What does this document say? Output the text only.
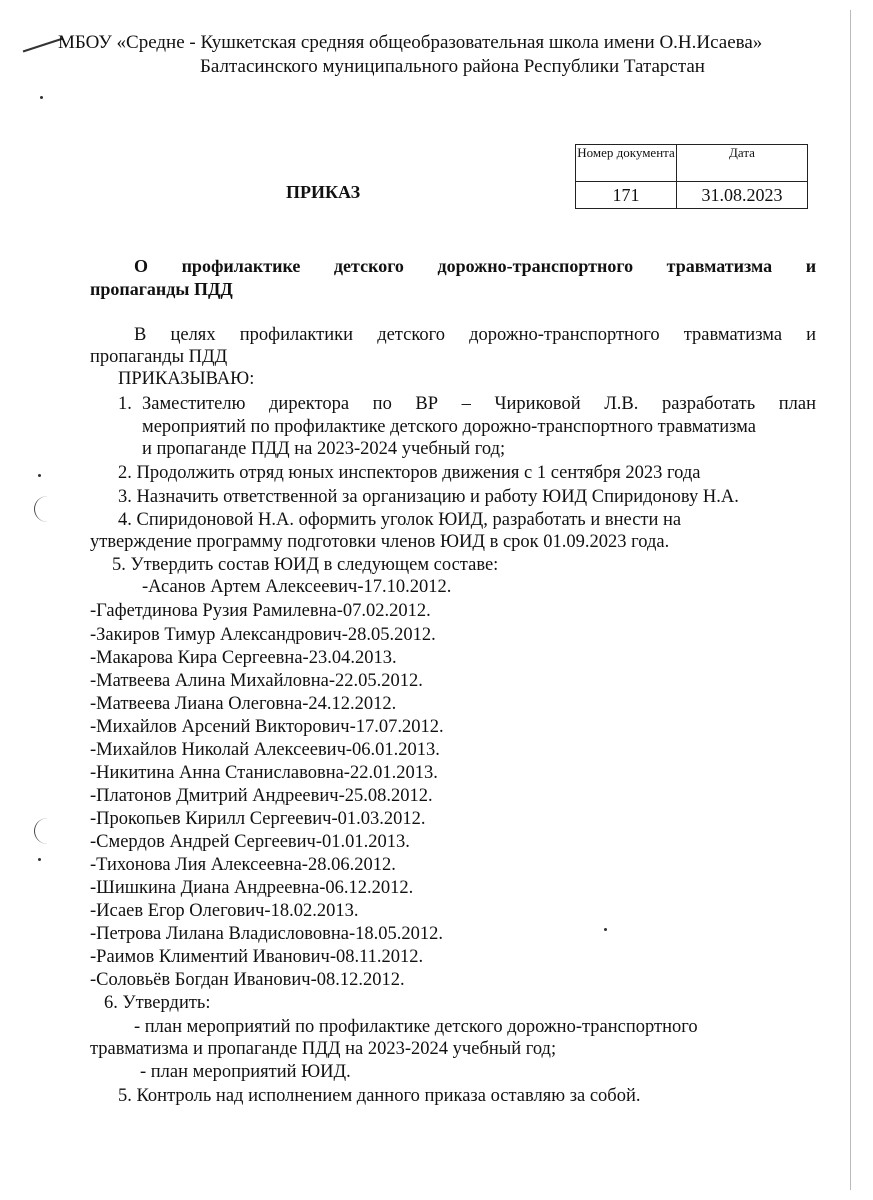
МБОУ «Средне - Кушкетская средняя общеобразовательная школа имени О.Н.Исаева»
Балтасинского муниципального района Республики Татарстан
Номер документа	Дата
171	31.08.2023
ПРИКАЗ
О профилактике детского дорожно-транспортного травматизма и
пропаганды ПДД
В целях профилактики детского дорожно-транспортного травматизма и
пропаганды ПДД
ПРИКАЗЫВАЮ:
1. Заместителю директора по ВР – Чириковой Л.В. разработать план
мероприятий по профилактике детского дорожно-транспортного травматизма
и пропаганде ПДД на 2023-2024 учебный год;
2. Продолжить отряд юных инспекторов движения с 1 сентября 2023 года
3. Назначить ответственной за организацию и работу ЮИД Спиридонову Н.А.
4. Спиридоновой Н.А. оформить уголок ЮИД, разработать и внести на
утверждение программу подготовки членов ЮИД в срок 01.09.2023 года.
5. Утвердить состав ЮИД в следующем составе:
-Асанов Артем Алексеевич-17.10.2012.
-Гафетдинова Рузия Рамилевна-07.02.2012.
-Закиров Тимур Александрович-28.05.2012.
-Макарова Кира Сергеевна-23.04.2013.
-Матвеева Алина Михайловна-22.05.2012.
-Матвеева Лиана Олеговна-24.12.2012.
-Михайлов Арсений Викторович-17.07.2012.
-Михайлов Николай Алексеевич-06.01.2013.
-Никитина Анна Станиславовна-22.01.2013.
-Платонов Дмитрий Андреевич-25.08.2012.
-Прокопьев Кирилл Сергеевич-01.03.2012.
-Смердов Андрей Сергеевич-01.01.2013.
-Тихонова Лия Алексеевна-28.06.2012.
-Шишкина Диана Андреевна-06.12.2012.
-Исаев Егор Олегович-18.02.2013.
-Петрова Лилана Владислововна-18.05.2012.
-Раимов Климентий Иванович-08.11.2012.
-Соловьёв Богдан Иванович-08.12.2012.
6. Утвердить:
- план мероприятий по профилактике детского дорожно-транспортного
травматизма и пропаганде ПДД на 2023-2024 учебный год;
- план мероприятий ЮИД.
5. Контроль над исполнением данного приказа оставляю за собой.
